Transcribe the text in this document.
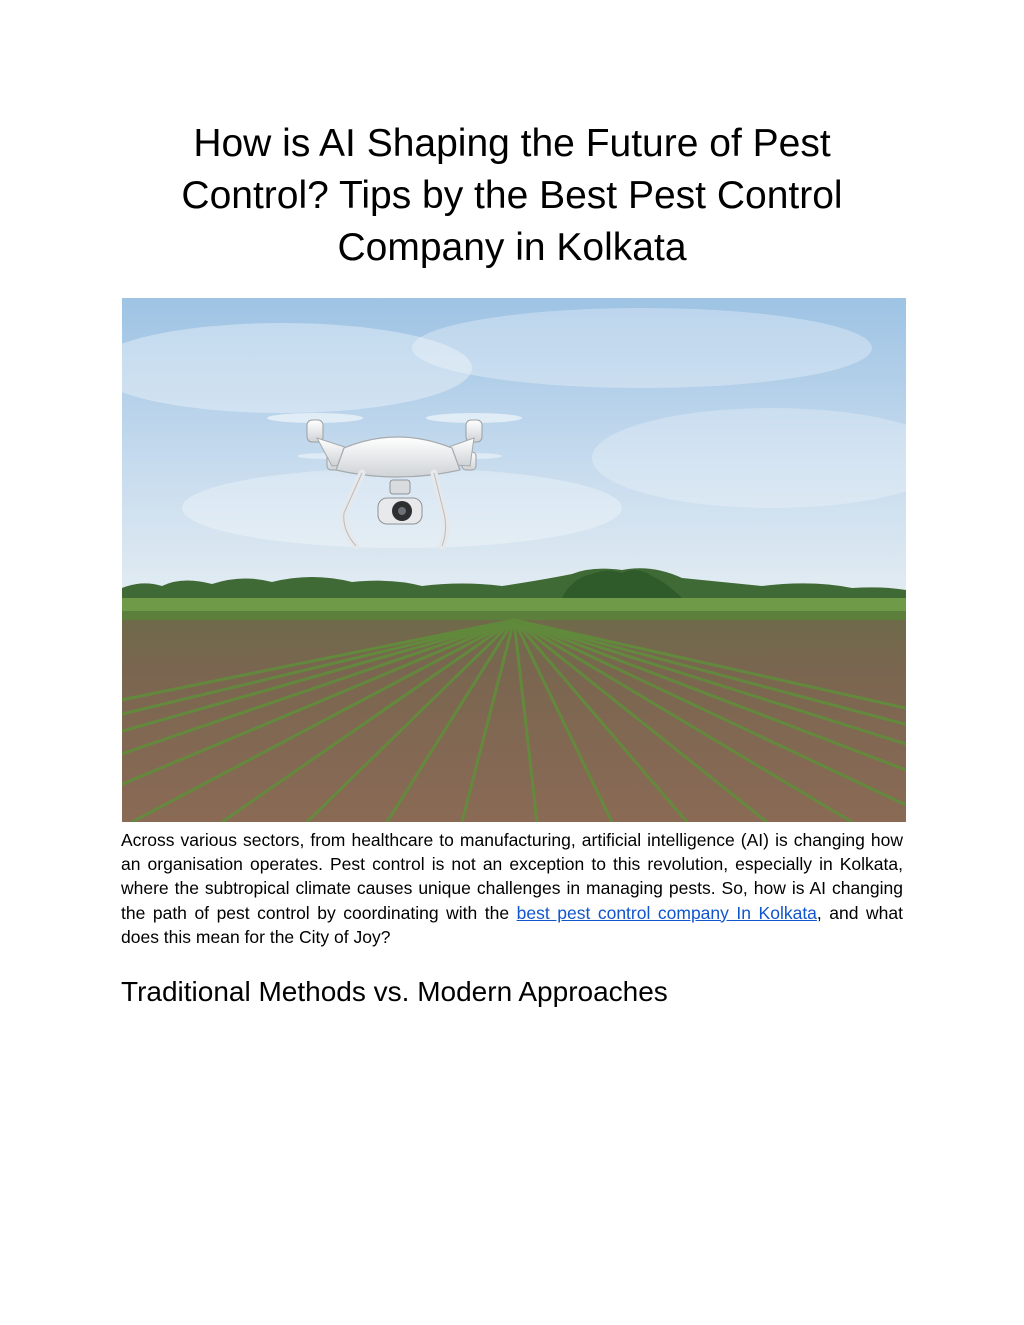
How is AI Shaping the Future of Pest Control? Tips by the Best Pest Control Company in Kolkata

Across various sectors, from healthcare to manufacturing, artificial intelligence (AI) is changing how an organisation operates. Pest control is not an exception to this revolution, especially in Kolkata, where the subtropical climate causes unique challenges in managing pests. So, how is AI changing the path of pest control by coordinating with the best pest control company In Kolkata, and what does this mean for the City of Joy?

Traditional Methods vs. Modern Approaches
